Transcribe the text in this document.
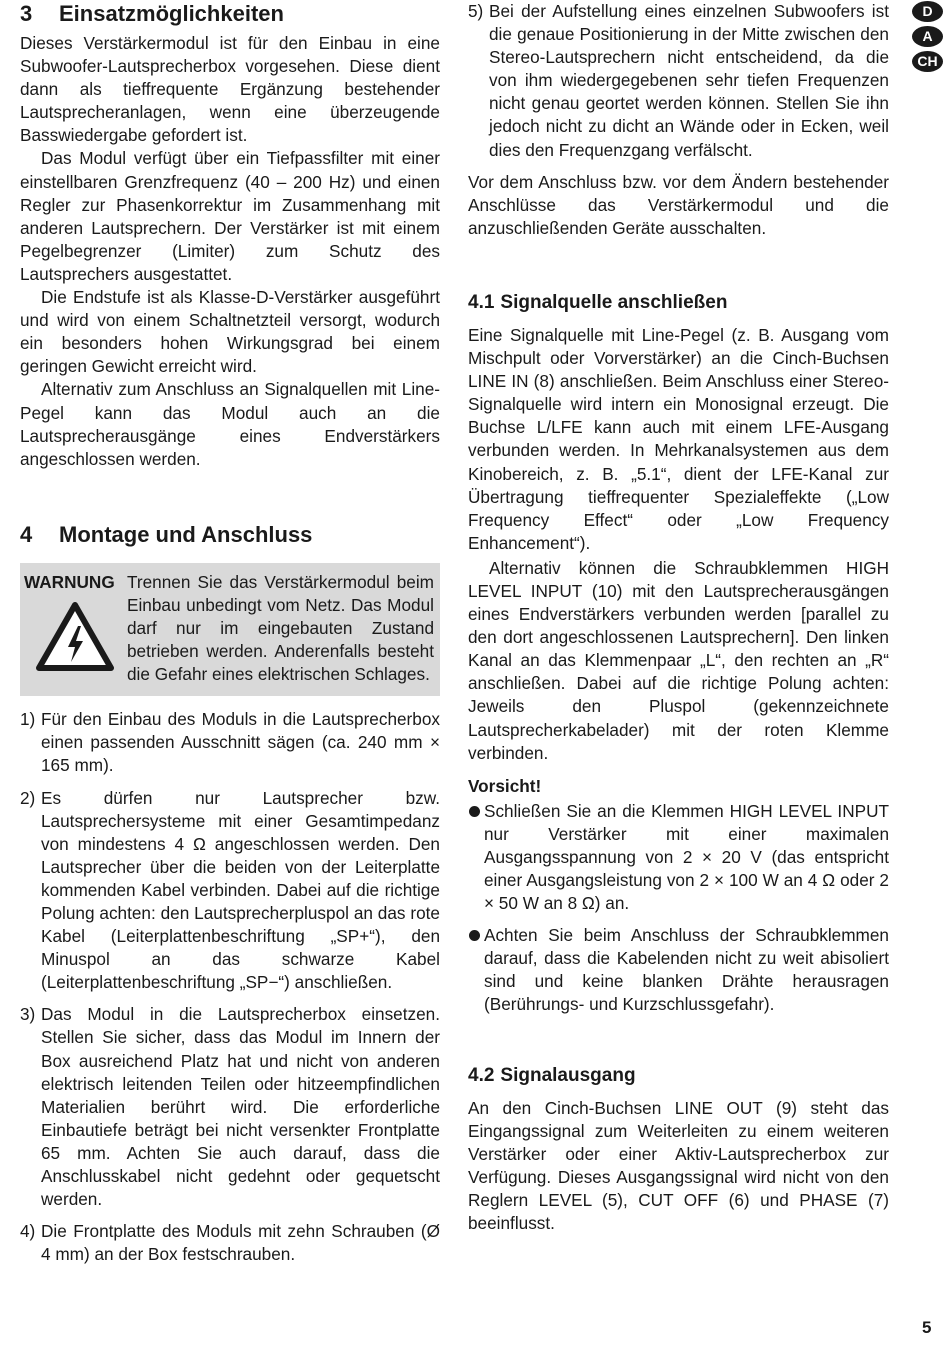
3 Einsatzmöglichkeiten

Dieses Verstärkermodul ist für den Einbau in eine Subwoofer-Lautsprecherbox vorgesehen. Diese dient dann als tieffrequente Ergänzung bestehender Lautsprecheranlagen, wenn eine überzeugende Basswiedergabe gefordert ist.

Das Modul verfügt über ein Tiefpassfilter mit einer einstellbaren Grenzfrequenz (40 – 200 Hz) und einen Regler zur Phasenkorrektur im Zusammenhang mit anderen Lautsprechern. Der Verstärker ist mit einem Pegelbegrenzer (Limiter) zum Schutz des Lautsprechers ausgestattet.

Die Endstufe ist als Klasse-D-Verstärker ausgeführt und wird von einem Schaltnetzteil versorgt, wodurch ein besonders hohen Wirkungsgrad bei einem geringen Gewicht erreicht wird.

Alternativ zum Anschluss an Signalquellen mit Line-Pegel kann das Modul auch an die Lautsprecherausgänge eines Endverstärkers angeschlossen werden.

4 Montage und Anschluss
WARNUNG Trennen Sie das Verstärkermodul beim Einbau unbedingt vom Netz. Das Modul darf nur im eingebauten Zustand betrieben werden. Anderenfalls besteht die Gefahr eines elektrischen Schlages.
1) Für den Einbau des Moduls in die Lautsprecherbox einen passenden Ausschnitt sägen (ca. 240 mm × 165 mm).
2) Es dürfen nur Lautsprecher bzw. Lautsprechersysteme mit einer Gesamtimpedanz von mindestens 4 Ω angeschlossen werden. Den Lautsprecher über die beiden von der Leiterplatte kommenden Kabel verbinden. Dabei auf die richtige Polung achten: den Lautsprecherpluspol an das rote Kabel (Leiterplattenbeschriftung „SP+“), den Minuspol an das schwarze Kabel (Leiterplattenbeschriftung „SP−“) anschließen.
3) Das Modul in die Lautsprecherbox einsetzen. Stellen Sie sicher, dass das Modul im Innern der Box ausreichend Platz hat und nicht von anderen elektrisch leitenden Teilen oder hitzeempfindlichen Materialien berührt wird. Die erforderliche Einbautiefe beträgt bei nicht versenkter Frontplatte 65 mm. Achten Sie auch darauf, dass die Anschlusskabel nicht gedehnt oder gequetscht werden.
4) Die Frontplatte des Moduls mit zehn Schrauben (Ø 4 mm) an der Box festschrauben.
5) Bei der Aufstellung eines einzelnen Subwoofers ist die genaue Positionierung in der Mitte zwischen den Stereo-Lautsprechern nicht entscheidend, da die von ihm wiedergegebenen sehr tiefen Frequenzen nicht genau geortet werden können. Stellen Sie ihn jedoch nicht zu dicht an Wände oder in Ecken, weil dies den Frequenzgang verfälscht.

Vor dem Anschluss bzw. vor dem Ändern bestehender Anschlüsse das Verstärkermodul und die anzuschließenden Geräte ausschalten.

4.1 Signalquelle anschließen

Eine Signalquelle mit Line-Pegel (z. B. Ausgang vom Mischpult oder Vorverstärker) an die Cinch-Buchsen LINE IN (8) anschließen. Beim Anschluss einer Stereo-Signalquelle wird intern ein Monosignal erzeugt. Die Buchse L/LFE kann auch mit einem LFE-Ausgang verbunden werden. In Mehrkanalsystemen aus dem Kinobereich, z. B. „5.1“, dient der LFE-Kanal zur Übertragung tieffrequenter Spezialeffekte („Low Frequency Effect“ oder „Low Frequency Enhancement“).

Alternativ können die Schraubklemmen HIGH LEVEL INPUT (10) mit den Lautsprecherausgängen eines Endverstärkers verbunden werden [parallel zu den dort angeschlossenen Lautsprechern]. Den linken Kanal an das Klemmenpaar „L“, den rechten an „R“ anschließen. Dabei auf die richtige Polung achten: Jeweils den Pluspol (gekennzeichnete Lautsprecherkabelader) mit der roten Klemme verbinden.

Vorsicht!
Schließen Sie an die Klemmen HIGH LEVEL INPUT nur Verstärker mit einer maximalen Ausgangsspannung von 2 × 20 V (das entspricht einer Ausgangsleistung von 2 × 100 W an 4 Ω oder 2 × 50 W an 8 Ω) an.
Achten Sie beim Anschluss der Schraubklemmen darauf, dass die Kabelenden nicht zu weit abisoliert sind und keine blanken Drähte herausragen (Berührungs- und Kurzschlussgefahr).
4.2 Signalausgang

An den Cinch-Buchsen LINE OUT (9) steht das Eingangssignal zum Weiterleiten zu einem weiteren Verstärker oder einer Aktiv-Lautsprecherbox zur Verfügung. Dieses Ausgangssignal wird nicht von den Reglern LEVEL (5), CUT OFF (6) und PHASE (7) beeinflusst.

D
A
CH
5
